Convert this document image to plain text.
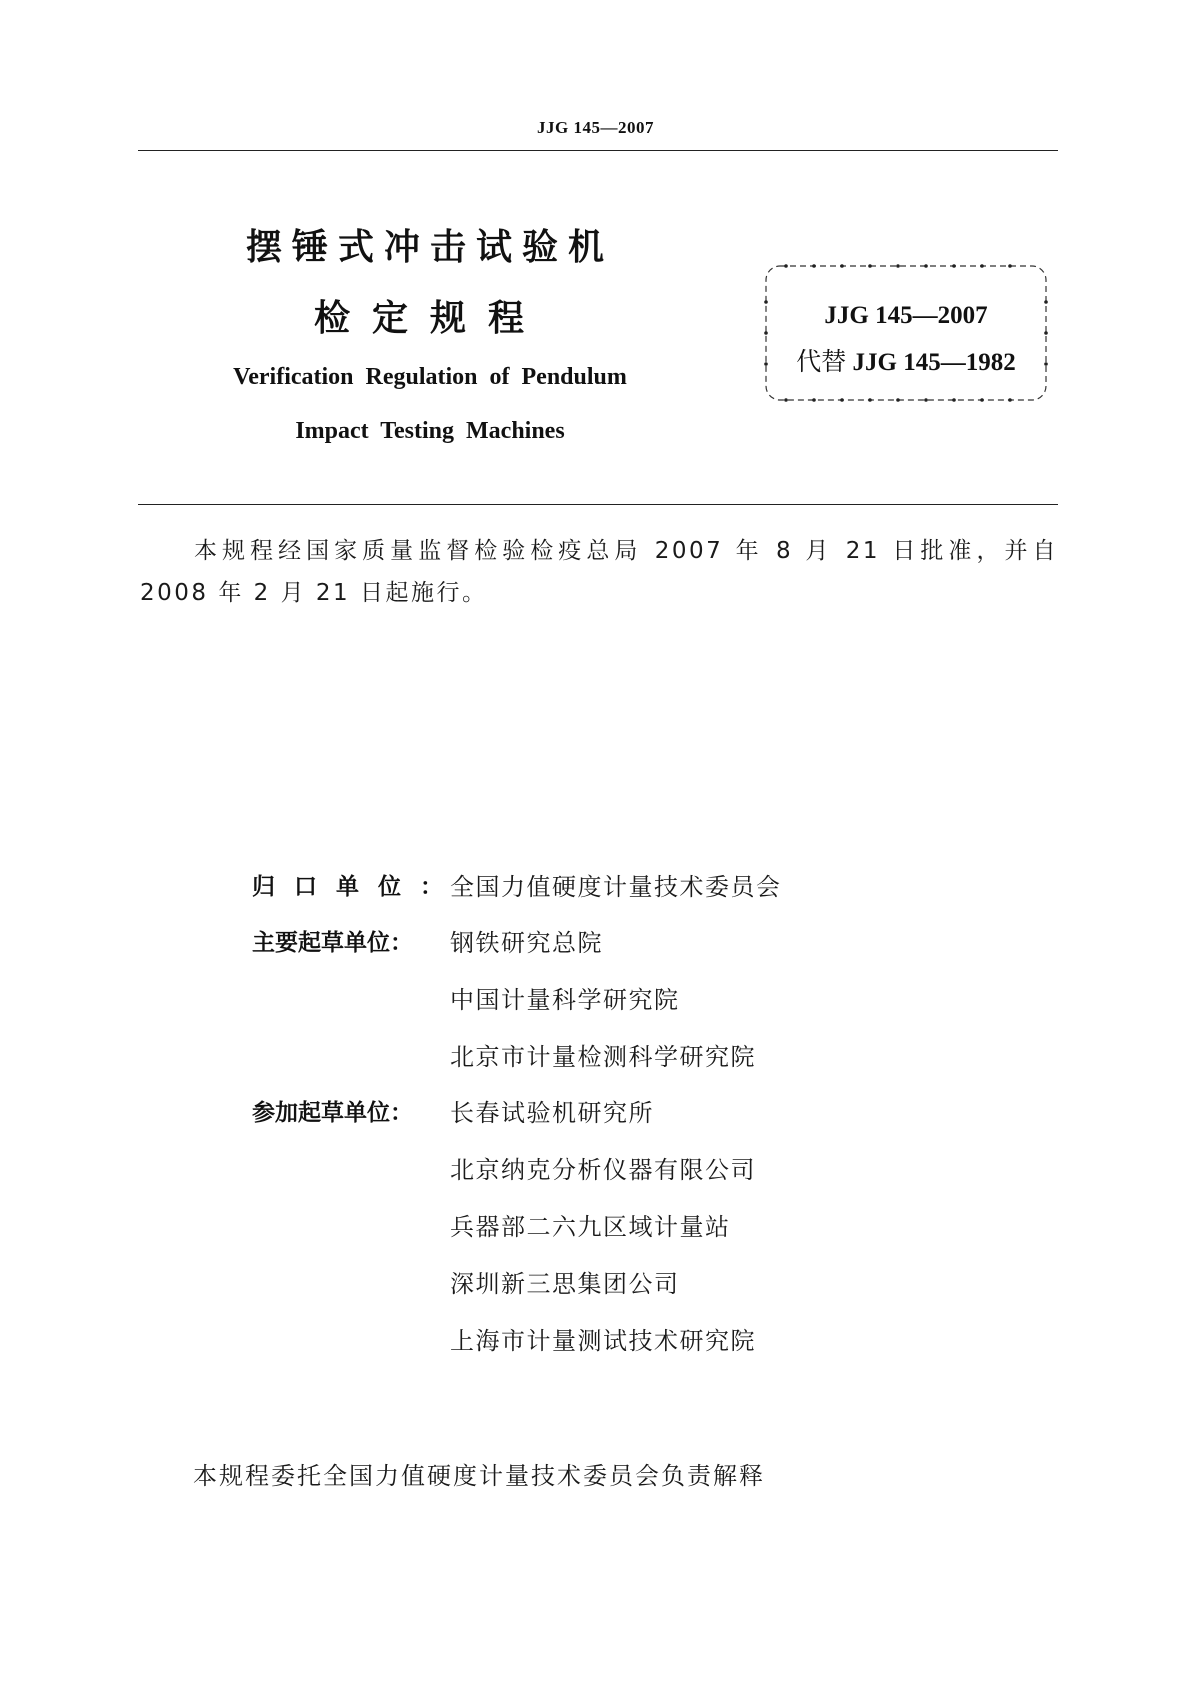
JJG 145—2007
摆锤式冲击试验机
检定规程
Verification Regulation of Pendulum
Impact Testing Machines
JJG 145—2007
代替 JJG 145—1982
本规程经国家质量监督检验检疫总局 2007 年 8 月 21 日批准，并自 2008 年 2 月 21 日起施行。
归口单位： 全国力值硬度计量技术委员会
主要起草单位： 钢铁研究总院
中国计量科学研究院
北京市计量检测科学研究院
参加起草单位： 长春试验机研究所
北京纳克分析仪器有限公司
兵器部二六九区域计量站
深圳新三思集团公司
上海市计量测试技术研究院
本规程委托全国力值硬度计量技术委员会负责解释
